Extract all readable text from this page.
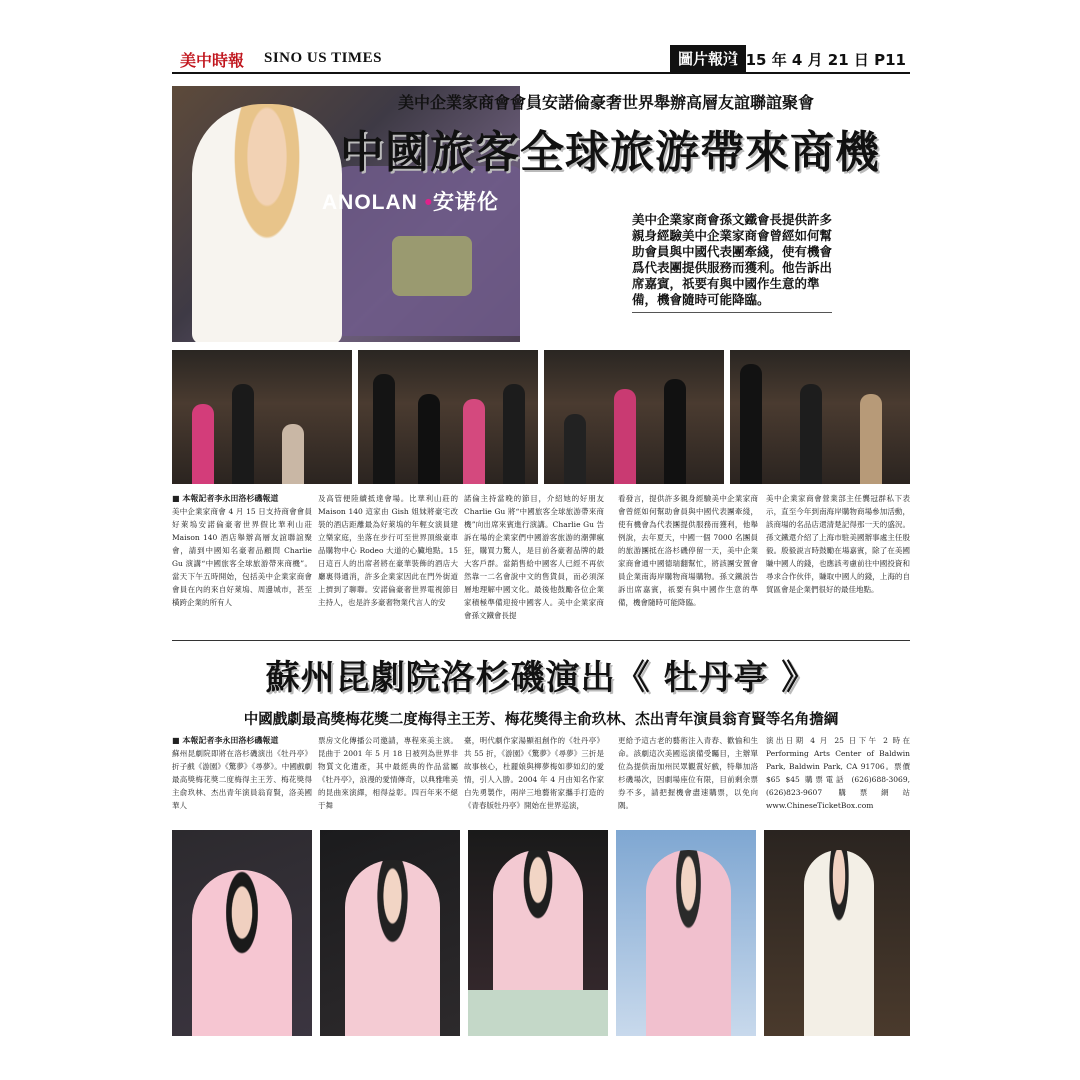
美中時報 SINO US TIMES	圖片報道
2015 年 4 月 21 日 P11
ANOLAN •安诺伦
美中企業家商會會員安諾倫豪奢世界舉辦高層友誼聯誼聚會
中國旅客全球旅游帶來商機
美中企業家商會孫文鐵會長提供許多親身經驗美中企業家商會曾經如何幫助會員與中國代表團牽綫，使有機會爲代表團提供服務而獲利。他告訴出席嘉賓，祇要有與中國作生意的準備，機會隨時可能降臨。
■ 本報記者李永田洛杉磯報道
美中企業家商會 4 月 15 日支持商會會員好萊塢安諾倫豪奢世界假比華利山莊 Maison 140 酒店舉辦高層友誼聯誼聚會，請到中國知名豪奢品顧問 Charlie Gu 演講“中國旅客全球旅游帶來商機”。當天下午五時開始，包括美中企業家商會會員在內的來自好萊塢、周邊城市，甚至橫跨企業的所有人
及高管便陸續抵達會場。比華利山莊的 Maison 140 這家由 Gish 姐妹將豪宅改裝的酒店距離最為好萊塢的年輕女演員建立樂家庭，坐落在步行可至世界頂級豪車品購物中心 Rodeo 大道的心臟地點。15 日這百人的出席者將在豪華裝飾的酒店大廳裏得通消，許多企業家因此在門外街道上擠到了聊聯。安諾倫豪奢世界電視節目主持人，也是許多豪奢物業代言人的安
諾倫主持當晚的節目，介紹她的好朋友 Charlie Gu 將“中國旅客全球旅游帶來商機”向出席來賓進行演講。Charlie Gu 告訴在場的企業家們中國游客旅游的潮彈瘋狂，購買力驚人，是目前各豪奢品牌的最大客戶群。當銷售給中國客人已經不再依然靠一二名會說中文的售貨員，而必須深層地理解中國文化。最後他鼓勵各位企業家積極準備迎接中國客人。美中企業家商會孫文鐵會長提
看發言，提供許多親身經驗美中企業家商會曾經如何幫助會員與中國代表團牽綫，使有機會為代表團提供服務而獲利，他舉例說，去年夏天，中國一個 7000 名團員的旅游團抵在洛杉磯停留一天，美中企業家商會通中國德瑞翻幫忙，將該團安置會員企業南海岸購物商場購物。孫文鐵説告訴出席嘉賓，祇要有與中國作生意的準備，機會隨時可能降臨。
美中企業家商會營業部主任龔冠群私下表示，直至今年到南海岸購物商場參加活動，該商場的名品店還清楚記得那一天的盛況。孫文鐵還介紹了上海市駐美國辦事處主任殷毅。殷毅説言時鼓勵在場嘉賓，除了在美國賺中國人的錢，也應該考慮前往中國投資和尋求合作伙伴，賺取中國人的錢，上海的自貿區會是企業們很好的最佳地點。
蘇州昆劇院洛杉磯演出《 牡丹亭 》
中國戲劇最高獎梅花獎二度梅得主王芳、梅花獎得主俞玖林、杰出青年演員翁育賢等名角擔綱
■ 本報記者李永田洛杉磯報道
蘇州昆劇院即將在洛杉磯演出《牡丹亭》折子戲《游園》《驚夢》《尋夢》。中國戲劇最高獎梅花獎二度梅得主王芳、梅花獎得主俞玖林、杰出青年演員翁育賢，洛美國華人
票房文化傳播公司邀請，專程來美主演。昆曲于 2001 年 5 月 18 日被列為世界非物質文化遺產，其中最經典的作品當屬《牡丹亭》，浪漫的愛情傳奇，以典雅唯美的昆曲來演繹，相得益彰。四百年來不絕于舞
臺，明代劇作家湯顯祖創作的《牡丹亭》共 55 折，《游園》《驚夢》《尋夢》三折是故事核心，杜麗娘與柳夢梅如夢如幻的愛情，引人入勝。2004 年 4 月由知名作家白先勇製作，兩岸三地藝術家攜手打造的《青春版牡丹亭》開始在世界巡演，
更給予這古老的藝術注入青春、歡愉和生命。該劇這次美國巡演備受矚目，主辦單位為提供南加州民眾觀賞好戲，特舉加洛杉磯場次，因劇場座位有限，目前剩余票券不多，請把握機會盡速購票，以免向隅。
演出日期 4 月 25 日下午 2 時在 Performing Arts Center of Baldwin Park, Baldwin Park, CA 91706。票價 $65 $45 購票電話 (626)688-3069, (626)823-9607 購票網站 www.ChineseTicketBox.com
